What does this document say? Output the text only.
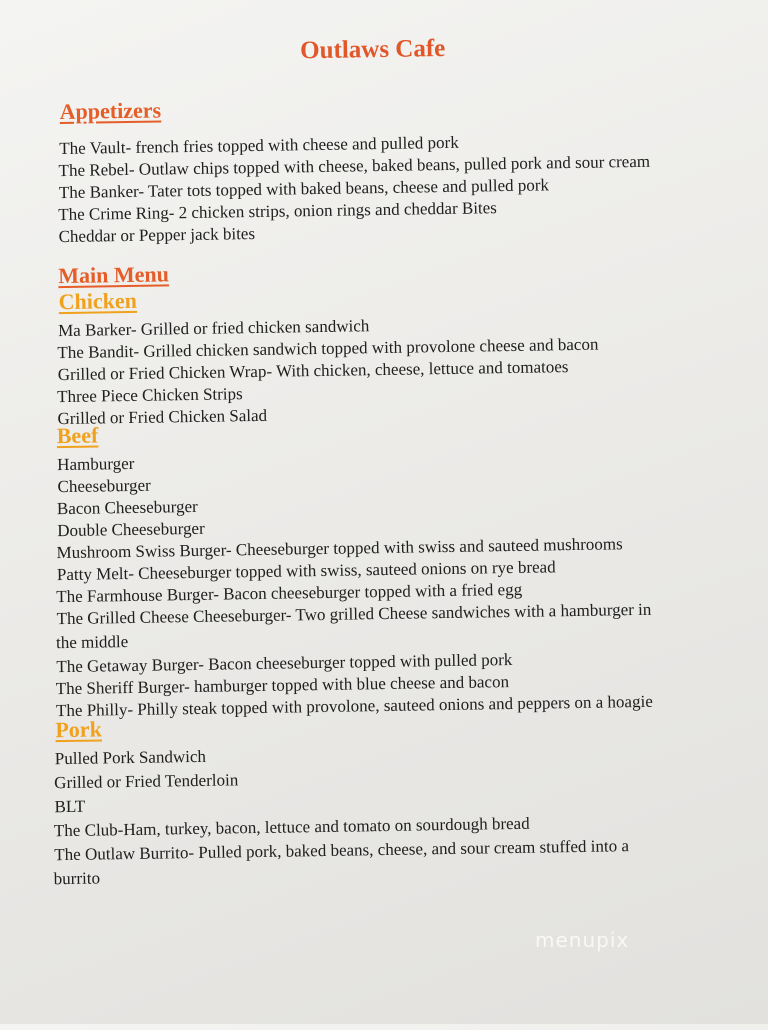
Outlaws Cafe
Appetizers
The Vault- french fries topped with cheese and pulled pork
The Rebel- Outlaw chips topped with cheese, baked beans, pulled pork and sour cream
The Banker- Tater tots topped with baked beans, cheese and pulled pork
The Crime Ring- 2 chicken strips, onion rings and cheddar Bites
Cheddar or Pepper jack bites
Main Menu
Chicken
Ma Barker- Grilled or fried chicken sandwich
The Bandit- Grilled chicken sandwich topped with provolone cheese and bacon
Grilled or Fried Chicken Wrap- With chicken, cheese, lettuce and tomatoes
Three Piece Chicken Strips
Grilled or Fried Chicken Salad
Beef
Hamburger
Cheeseburger
Bacon Cheeseburger
Double Cheeseburger
Mushroom Swiss Burger- Cheeseburger topped with swiss and sauteed mushrooms
Patty Melt- Cheeseburger topped with swiss, sauteed onions on rye bread
The Farmhouse Burger- Bacon cheeseburger topped with a fried egg
The Grilled Cheese Cheeseburger- Two grilled Cheese sandwiches with a hamburger in
the middle
The Getaway Burger- Bacon cheeseburger topped with pulled pork
The Sheriff Burger- hamburger topped with blue cheese and bacon
The Philly- Philly steak topped with provolone, sauteed onions and peppers on a hoagie
Pork
Pulled Pork Sandwich
Grilled or Fried Tenderloin
BLT
The Club-Ham, turkey, bacon, lettuce and tomato on sourdough bread
The Outlaw Burrito- Pulled pork, baked beans, cheese, and sour cream stuffed into a
burrito
menupix
